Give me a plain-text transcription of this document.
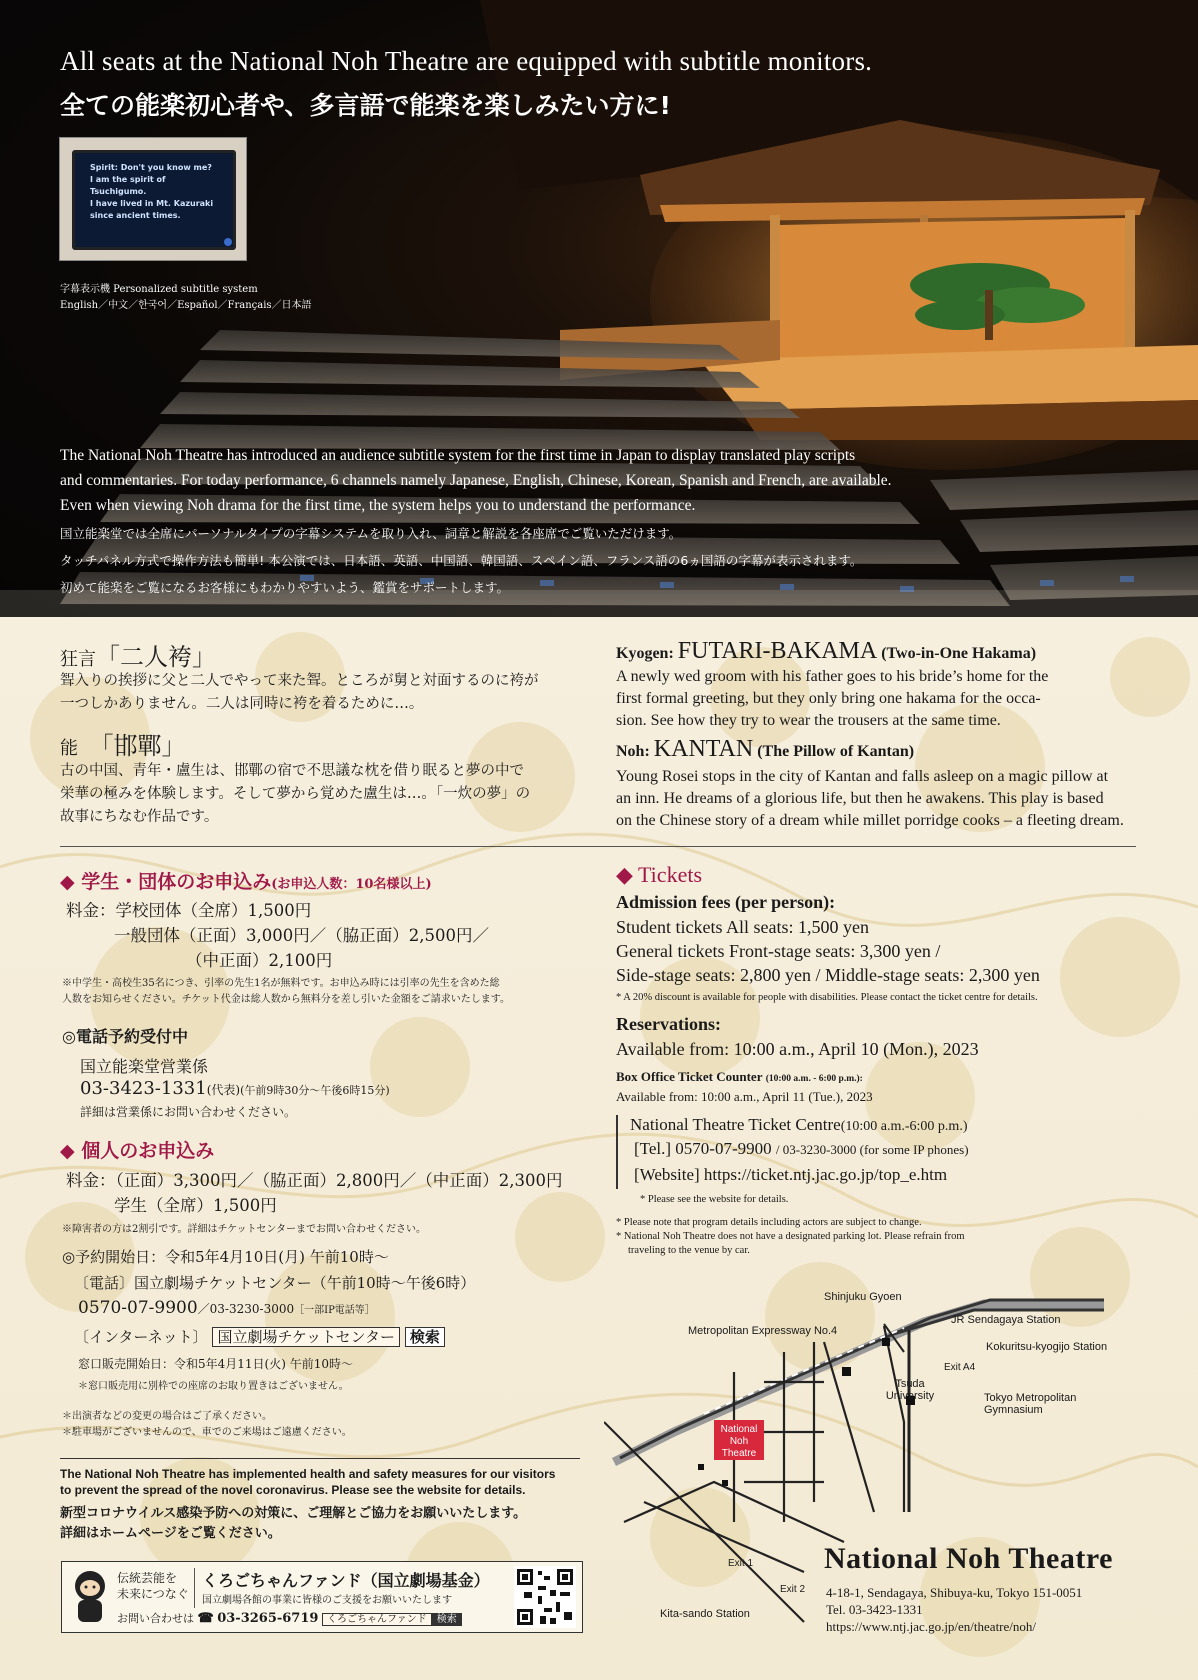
All seats at the National Noh Theatre are equipped with subtitle monitors.
全ての能楽初心者や、多言語で能楽を楽しみたい方に!
Spirit: Don't you know me?
I am the spirit of Tsuchigumo.
I have lived in Mt. Kazuraki
since ancient times.
字幕表示機 Personalized subtitle system
English／中文／한국어／Español／Français／日本語
The National Noh Theatre has introduced an audience subtitle system for the first time in Japan to display translated play scripts
and commentaries. For today performance, 6 channels namely Japanese, English, Chinese, Korean, Spanish and French, are available.
Even when viewing Noh drama for the first time, the system helps you to understand the performance.
国立能楽堂では全席にパーソナルタイプの字幕システムを取り入れ、詞章と解説を各座席でご覧いただけます。
タッチパネル方式で操作方法も簡単! 本公演では、日本語、英語、中国語、韓国語、スペイン語、フランス語の6ヵ国語の字幕が表示されます。
初めて能楽をご覧になるお客様にもわかりやすいよう、鑑賞をサポートします。
狂言「二人袴」
聟入りの挨拶に父と二人でやって来た聟。ところが舅と対面するのに袴が
一つしかありません。二人は同時に袴を着るために…。
能 「邯鄲」
古の中国、青年・盧生は、邯鄲の宿で不思議な枕を借り眠ると夢の中で
栄華の極みを体験します。そして夢から覚めた盧生は…。「一炊の夢」の
故事にちなむ作品です。
Kyogen: FUTARI-BAKAMA (Two-in-One Hakama)
A newly wed groom with his father goes to his bride’s home for the
first formal greeting, but they only bring one hakama for the occa-
sion. See how they try to wear the trousers at the same time.
Noh: KANTAN (The Pillow of Kantan)
Young Rosei stops in the city of Kantan and falls asleep on a magic pillow at
an inn. He dreams of a glorious life, but then he awakens. This play is based
on the Chinese story of a dream while millet porridge cooks – a fleeting dream.
◆ 学生・団体のお申込み(お申込人数：10名様以上)
料金：学校団体（全席）1,500円
一般団体（正面）3,000円／（脇正面）2,500円／
（中正面）2,100円
※中学生・高校生35名につき、引率の先生1名が無料です。お申込み時には引率の先生を含めた総
人数をお知らせください。チケット代金は総人数から無料分を差し引いた金額をご請求いたします。
◎電話予約受付中
国立能楽堂営業係
03-3423-1331(代表)(午前9時30分〜午後6時15分)
詳細は営業係にお問い合わせください。
◆ 個人のお申込み
料金：（正面）3,300円／（脇正面）2,800円／（中正面）2,300円
学生（全席）1,500円
※障害者の方は2割引です。詳細はチケットセンターまでお問い合わせください。
◎予約開始日：令和5年4月10日(月) 午前10時〜
〔電話〕国立劇場チケットセンター（午前10時〜午後6時）
0570-07-9900／03-3230-3000［一部IP電話等］
〔インターネット〕 国立劇場チケットセンター 検索
窓口販売開始日：令和5年4月11日(火) 午前10時〜
＊窓口販売用に別枠での座席のお取り置きはございません。
＊出演者などの変更の場合はご了承ください。
＊駐車場がございませんので、車でのご来場はご遠慮ください。
The National Noh Theatre has implemented health and safety measures for our visitors
to prevent the spread of the novel coronavirus. Please see the website for details.
新型コロナウイルス感染予防への対策に、ご理解とご協力をお願いいたします。
詳細はホームページをご覧ください。
伝統芸能を
未来につなぐ
くろごちゃんファンド（国立劇場基金）
国立劇場各館の事業に皆様のご支援をお願いいたします
お問い合わせは ☎ 03-3265-6719 くろごちゃんファンド 検索
◆ Tickets
Admission fees (per person):
Student tickets All seats: 1,500 yen
General tickets Front-stage seats: 3,300 yen /
Side-stage seats: 2,800 yen / Middle-stage seats: 2,300 yen
* A 20% discount is available for people with disabilities. Please contact the ticket centre for details.
Reservations:
Available from: 10:00 a.m., April 10 (Mon.), 2023
Box Office Ticket Counter (10:00 a.m. - 6:00 p.m.):
Available from: 10:00 a.m., April 11 (Tue.), 2023
National Theatre Ticket Centre(10:00 a.m.-6:00 p.m.)
[Tel.] 0570-07-9900 / 03-3230-3000 (for some IP phones)
[Website] https://ticket.ntj.jac.go.jp/top_e.htm
* Please see the website for details.
* Please note that program details including actors are subject to change.
* National Noh Theatre does not have a designated parking lot. Please refrain from
traveling to the venue by car.
National
Noh
Theatre
Shinjuku Gyoen
JR Sendagaya Station
Metropolitan Expressway No.4
Kokuritsu-kyogijo Station
Exit A4
Tsuda University	Tokyo Metropolitan Gymnasium
Exit 1
Exit 2
Kita-sando Station
National Noh Theatre
4-18-1, Sendagaya, Shibuya-ku, Tokyo 151-0051
Tel. 03-3423-1331
https://www.ntj.jac.go.jp/en/theatre/noh/
